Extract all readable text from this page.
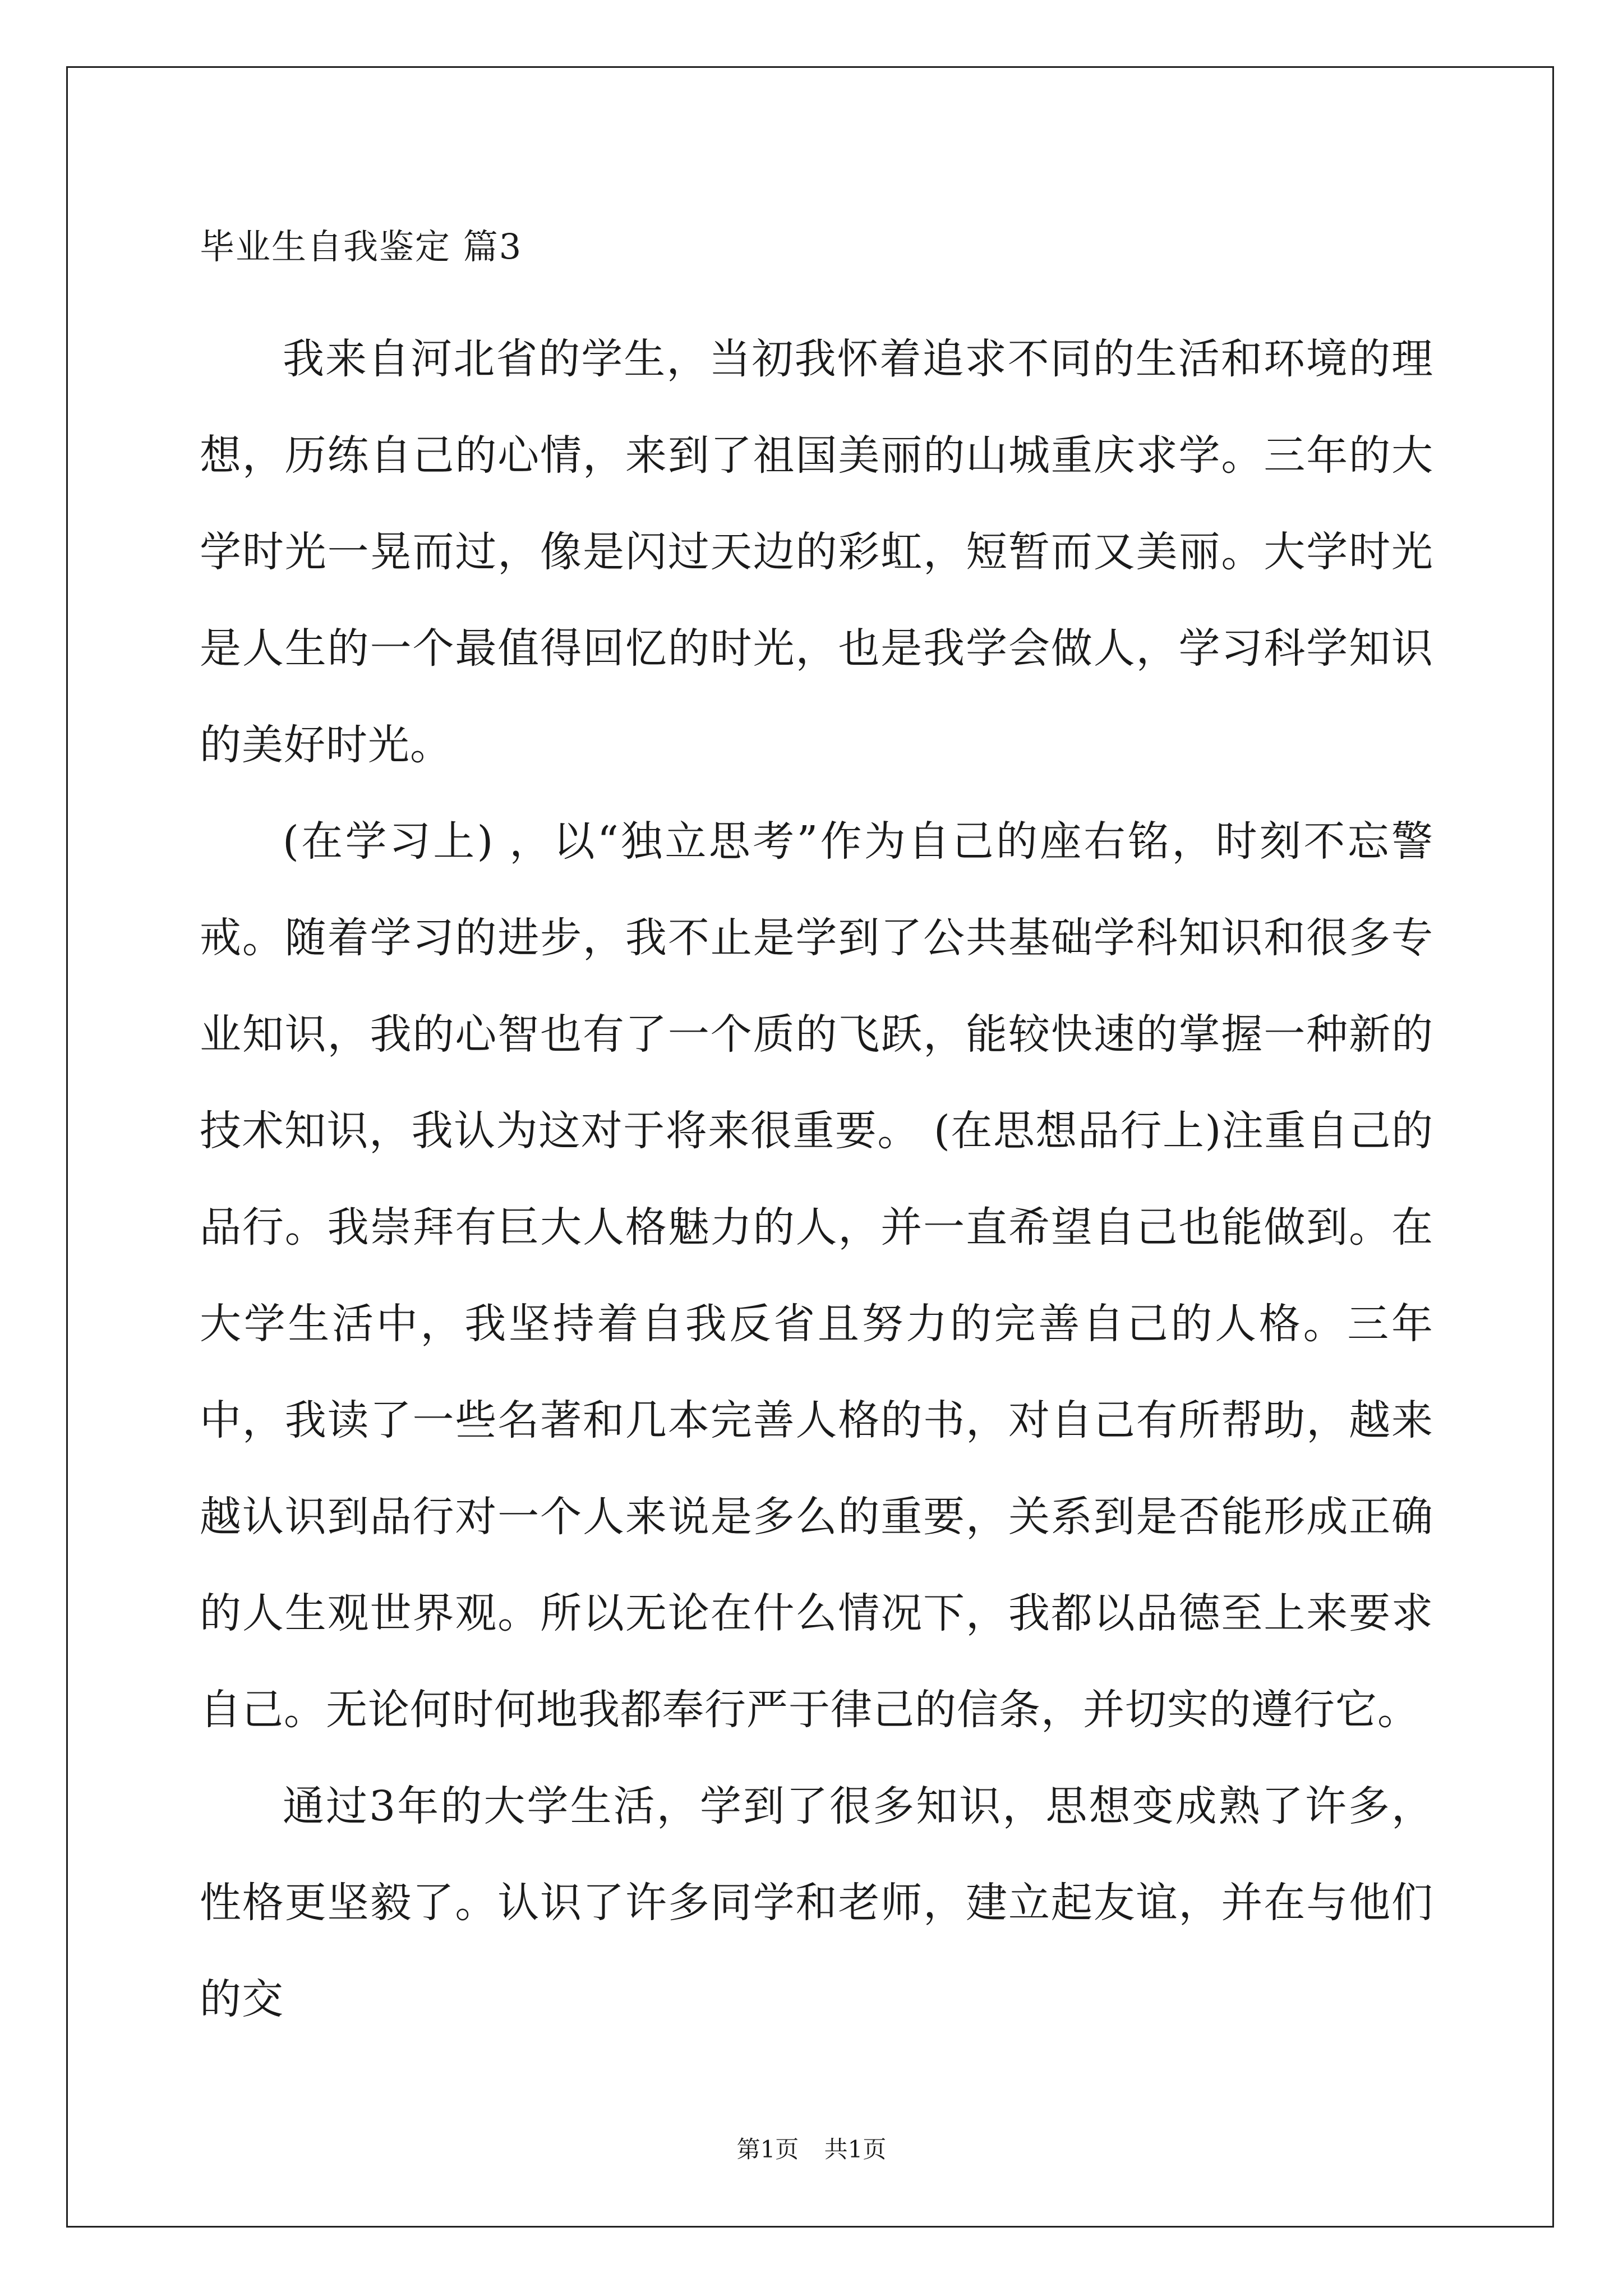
毕业生自我鉴定 篇3

我来自河北省的学生，当初我怀着追求不同的生活和环境的理想，历练自己的心情，来到了祖国美丽的山城重庆求学。三年的大学时光一晃而过，像是闪过天边的彩虹，短暂而又美丽。大学时光是人生的一个最值得回忆的时光，也是我学会做人，学习科学知识的美好时光。

(在学习上) ，以“独立思考”作为自己的座右铭，时刻不忘警戒。随着学习的进步，我不止是学到了公共基础学科知识和很多专业知识，我的心智也有了一个质的飞跃，能较快速的掌握一种新的技术知识，我认为这对于将来很重要。 (在思想品行上)注重自己的品行。我崇拜有巨大人格魅力的人，并一直希望自己也能做到。在大学生活中，我坚持着自我反省且努力的完善自己的人格。三年中，我读了一些名著和几本完善人格的书，对自己有所帮助，越来越认识到品行对一个人来说是多么的重要，关系到是否能形成正确的人生观世界观。所以无论在什么情况下，我都以品德至上来要求自己。无论何时何地我都奉行严于律己的信条，并切实的遵行它。

通过3年的大学生活，学到了很多知识，思想变成熟了许多，性格更坚毅了。认识了许多同学和老师，建立起友谊，并在与他们的交

第1页 共1页
